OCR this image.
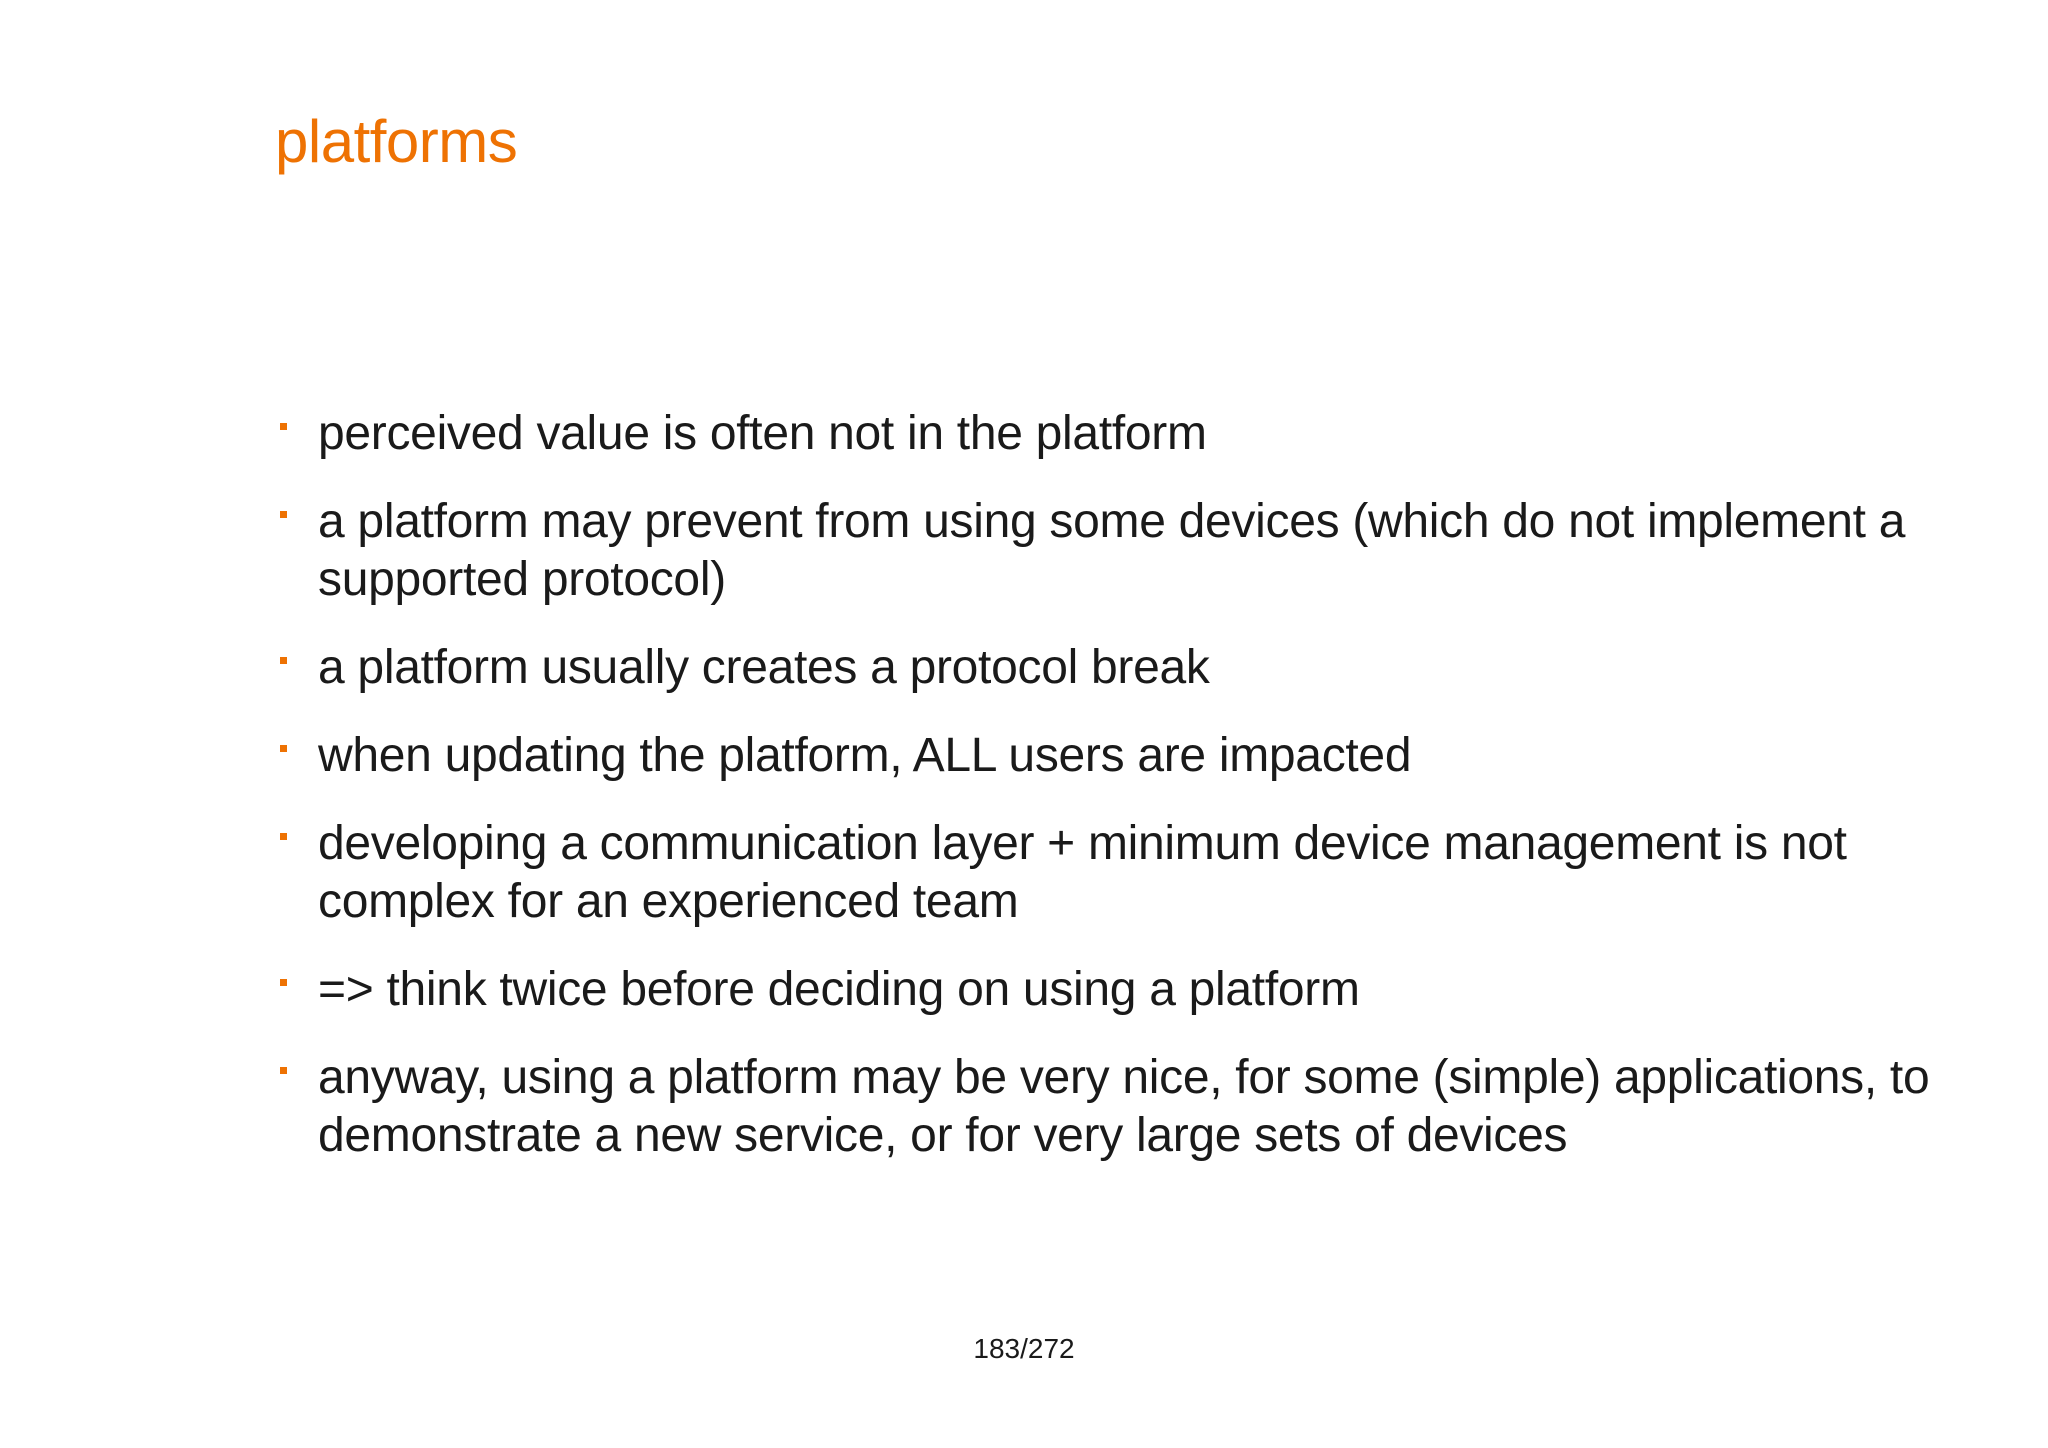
platforms
perceived value is often not in the platform
a platform may prevent from using some devices (which do not implement a supported protocol)
a platform usually creates a protocol break
when updating the platform, ALL users are impacted
developing a communication layer + minimum device management is not complex for an experienced team
=> think twice before deciding on using a platform
anyway, using a platform may be very nice, for some (simple) applications, to demonstrate a new service, or for very large sets of devices
183/272
